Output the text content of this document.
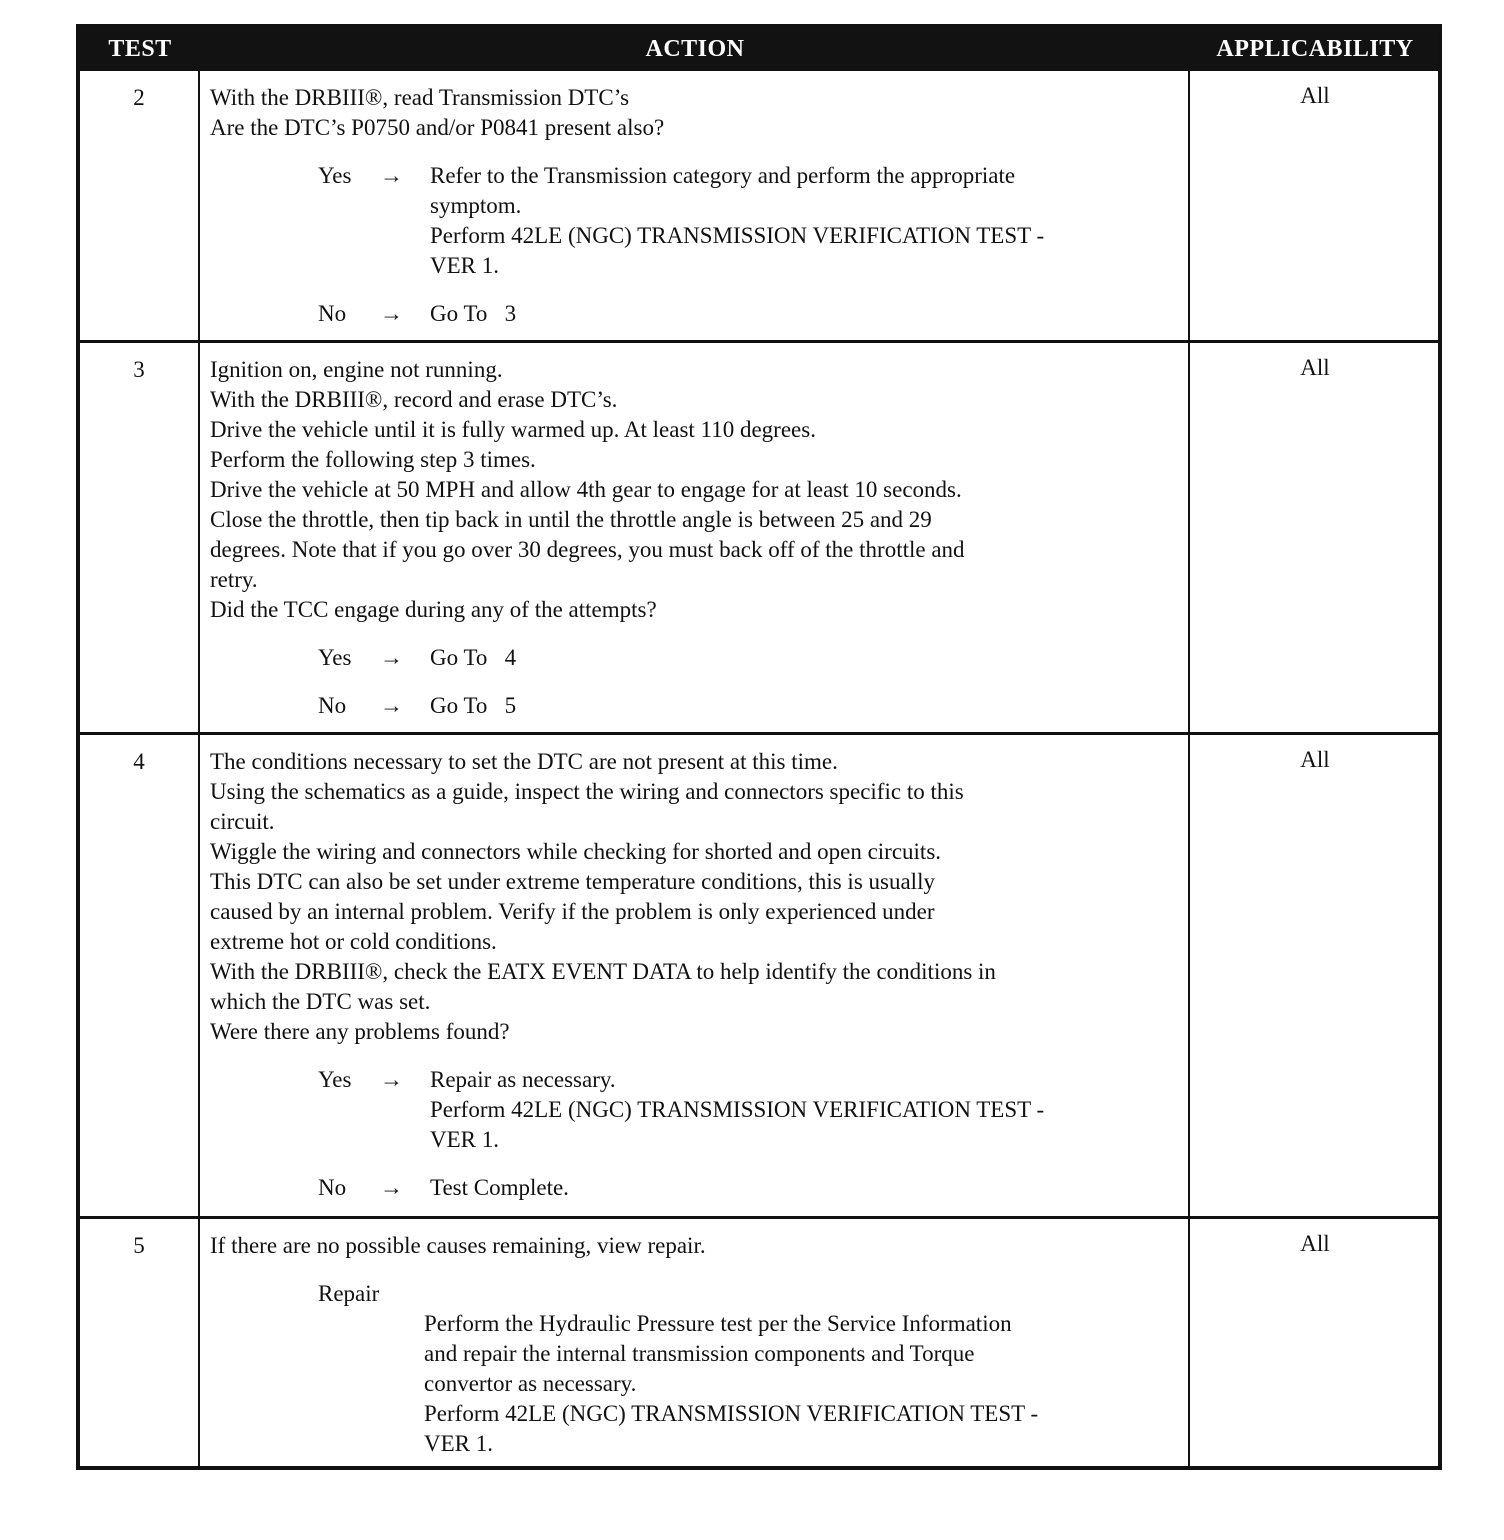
TEST	ACTION	APPLICABILITY
2	With the DRBIII®, read Transmission DTC’s
Are the DTC’s P0750 and/or P0841 present also?
Yes → Refer to the Transmission category and perform the appropriate
symptom.
Perform 42LE (NGC) TRANSMISSION VERIFICATION TEST -
VER 1.
No → Go To   3
All
3	Ignition on, engine not running.
With the DRBIII®, record and erase DTC’s.
Drive the vehicle until it is fully warmed up. At least 110 degrees.
Perform the following step 3 times.
Drive the vehicle at 50 MPH and allow 4th gear to engage for at least 10 seconds.
Close the throttle, then tip back in until the throttle angle is between 25 and 29
degrees. Note that if you go over 30 degrees, you must back off of the throttle and
retry.
Did the TCC engage during any of the attempts?
Yes → Go To   4
No → Go To   5
All
4	The conditions necessary to set the DTC are not present at this time.
Using the schematics as a guide, inspect the wiring and connectors specific to this
circuit.
Wiggle the wiring and connectors while checking for shorted and open circuits.
This DTC can also be set under extreme temperature conditions, this is usually
caused by an internal problem. Verify if the problem is only experienced under
extreme hot or cold conditions.
With the DRBIII®, check the EATX EVENT DATA to help identify the conditions in
which the DTC was set.
Were there any problems found?
Yes → Repair as necessary.
Perform 42LE (NGC) TRANSMISSION VERIFICATION TEST -
VER 1.
No → Test Complete.
All
5	If there are no possible causes remaining, view repair.
Repair
Perform the Hydraulic Pressure test per the Service Information
and repair the internal transmission components and Torque
convertor as necessary.
Perform 42LE (NGC) TRANSMISSION VERIFICATION TEST -
VER 1.
All
